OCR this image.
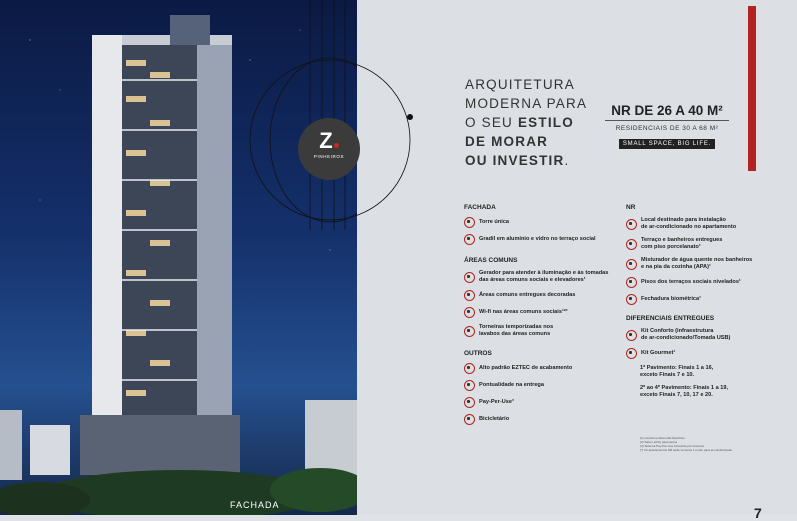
FACHADA
Z
PINHEIROS
ARQUITETURA
MODERNA PARA
O SEU ESTILO
DE MORAR
OU INVESTIR.
NR DE 26 A 40 M²
RESIDENCIAIS DE 30 A 68 M²
SMALL SPACE, BIG LIFE.
FACHADA
Torre única
Gradil em alumínio e vidro no terraço social
ÁREAS COMUNS
Gerador para atender à iluminação e às tomadas
das áreas comuns sociais e elevadores¹
Áreas comuns entregues decoradas
Wi-fi nas áreas comuns sociais¹²³
Torneiras temporizadas nos
lavabos das áreas comuns
OUTROS
Alto padrão EZTEC de acabamento
Pontualidade na entrega
Pay-Per-Use³
Bicicletário
NR
Local destinado para instalação
de ar-condicionado no apartamento
Terraço e banheiros entregues
com piso porcelanato¹
Misturador de água quente nos banheiros
e na pia da cozinha (APA)¹
Pisos dos terraços sociais nivelados¹
Fechadura biométrica¹
DIFERENCIAIS ENTREGUES
Kit Conforto (infraestrutura
de ar-condicionado/Tomada USB)
Kit Gourmet¹
1º Pavimento: Finais 1 a 16,
exceto Finais 7 e 10.
2º ao 4º Pavimento: Finais 1 a 19,
exceto Finais 7, 10, 17 e 20.
(1) Conforme Memorial Descritivo
(2) Sala e lobby pavimentos
(3) Sistema Pay-Per-Use fornecido por terceiros
(*) Os apartamentos NR terão somente 1 ponto para ar-condicionado
7
